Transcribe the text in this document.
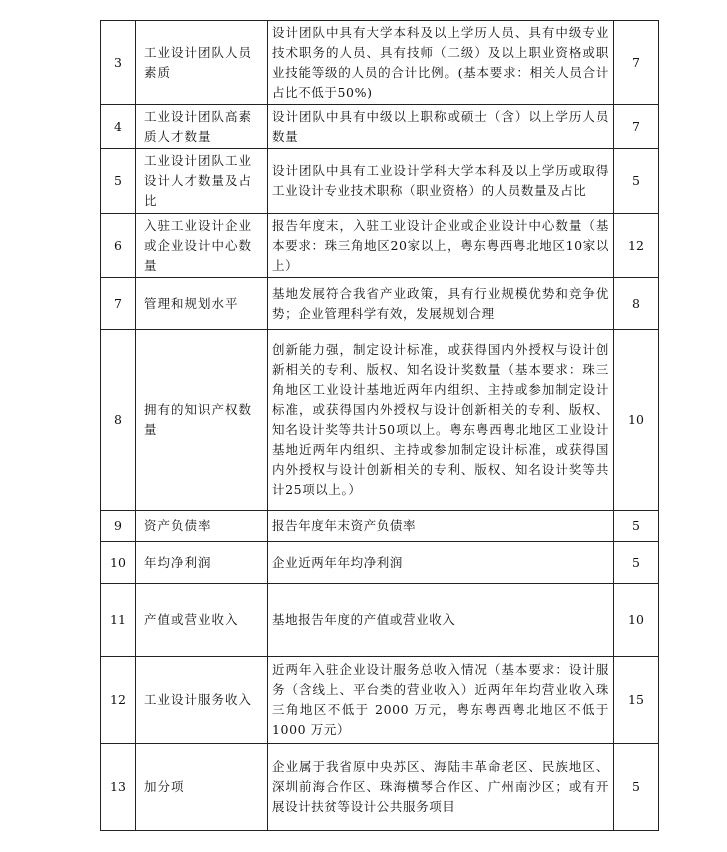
3	工业设计团队人员素质	设计团队中具有大学本科及以上学历人员、具有中级专业技术职务的人员、具有技师（二级）及以上职业资格或职业技能等级的人员的合计比例。(基本要求：相关人员合计占比不低于50%)	7
4	工业设计团队高素质人才数量	设计团队中具有中级以上职称或硕士（含）以上学历人员数量	7
5	工业设计团队工业设计人才数量及占比	设计团队中具有工业设计学科大学本科及以上学历或取得工业设计专业技术职称（职业资格）的人员数量及占比	5
6	入驻工业设计企业或企业设计中心数量	报告年度末，入驻工业设计企业或企业设计中心数量（基本要求：珠三角地区20家以上，粤东粤西粤北地区10家以上）	12
7	管理和规划水平	基地发展符合我省产业政策，具有行业规模优势和竞争优势；企业管理科学有效，发展规划合理	8
8	拥有的知识产权数量	创新能力强，制定设计标准，或获得国内外授权与设计创新相关的专利、版权、知名设计奖数量（基本要求：珠三角地区工业设计基地近两年内组织、主持或参加制定设计标准，或获得国内外授权与设计创新相关的专利、版权、知名设计奖等共计50项以上。粤东粤西粤北地区工业设计基地近两年内组织、主持或参加制定设计标准，或获得国内外授权与设计创新相关的专利、版权、知名设计奖等共计25项以上。）	10
9	资产负债率	报告年度年末资产负债率	5
10	年均净利润	企业近两年年均净利润	5
11	产值或营业收入	基地报告年度的产值或营业收入	10
12	工业设计服务收入	近两年入驻企业设计服务总收入情况（基本要求：设计服务（含线上、平台类的营业收入）近两年年均营业收入珠三角地区不低于 2000 万元，粤东粤西粤北地区不低于 1000 万元）	15
13	加分项	企业属于我省原中央苏区、海陆丰革命老区、民族地区、深圳前海合作区、珠海横琴合作区、广州南沙区；或有开展设计扶贫等设计公共服务项目	5
